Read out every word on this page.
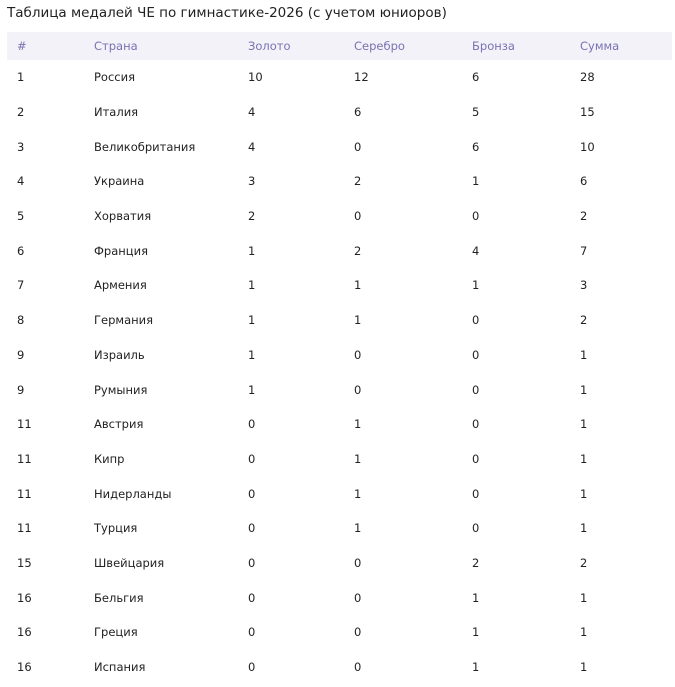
Таблица медалей ЧЕ по гимнастике-2026 (с учетом юниоров)
#	Страна	Золото	Серебро	Бронза	Сумма
1	Россия	10	12	6	28
2	Италия	4	6	5	15
3	Великобритания	4	0	6	10
4	Украина	3	2	1	6
5	Хорватия	2	0	0	2
6	Франция	1	2	4	7
7	Армения	1	1	1	3
8	Германия	1	1	0	2
9	Израиль	1	0	0	1
9	Румыния	1	0	0	1
11	Австрия	0	1	0	1
11	Кипр	0	1	0	1
11	Нидерланды	0	1	0	1
11	Турция	0	1	0	1
15	Швейцария	0	0	2	2
16	Бельгия	0	0	1	1
16	Греция	0	0	1	1
16	Испания	0	0	1	1
